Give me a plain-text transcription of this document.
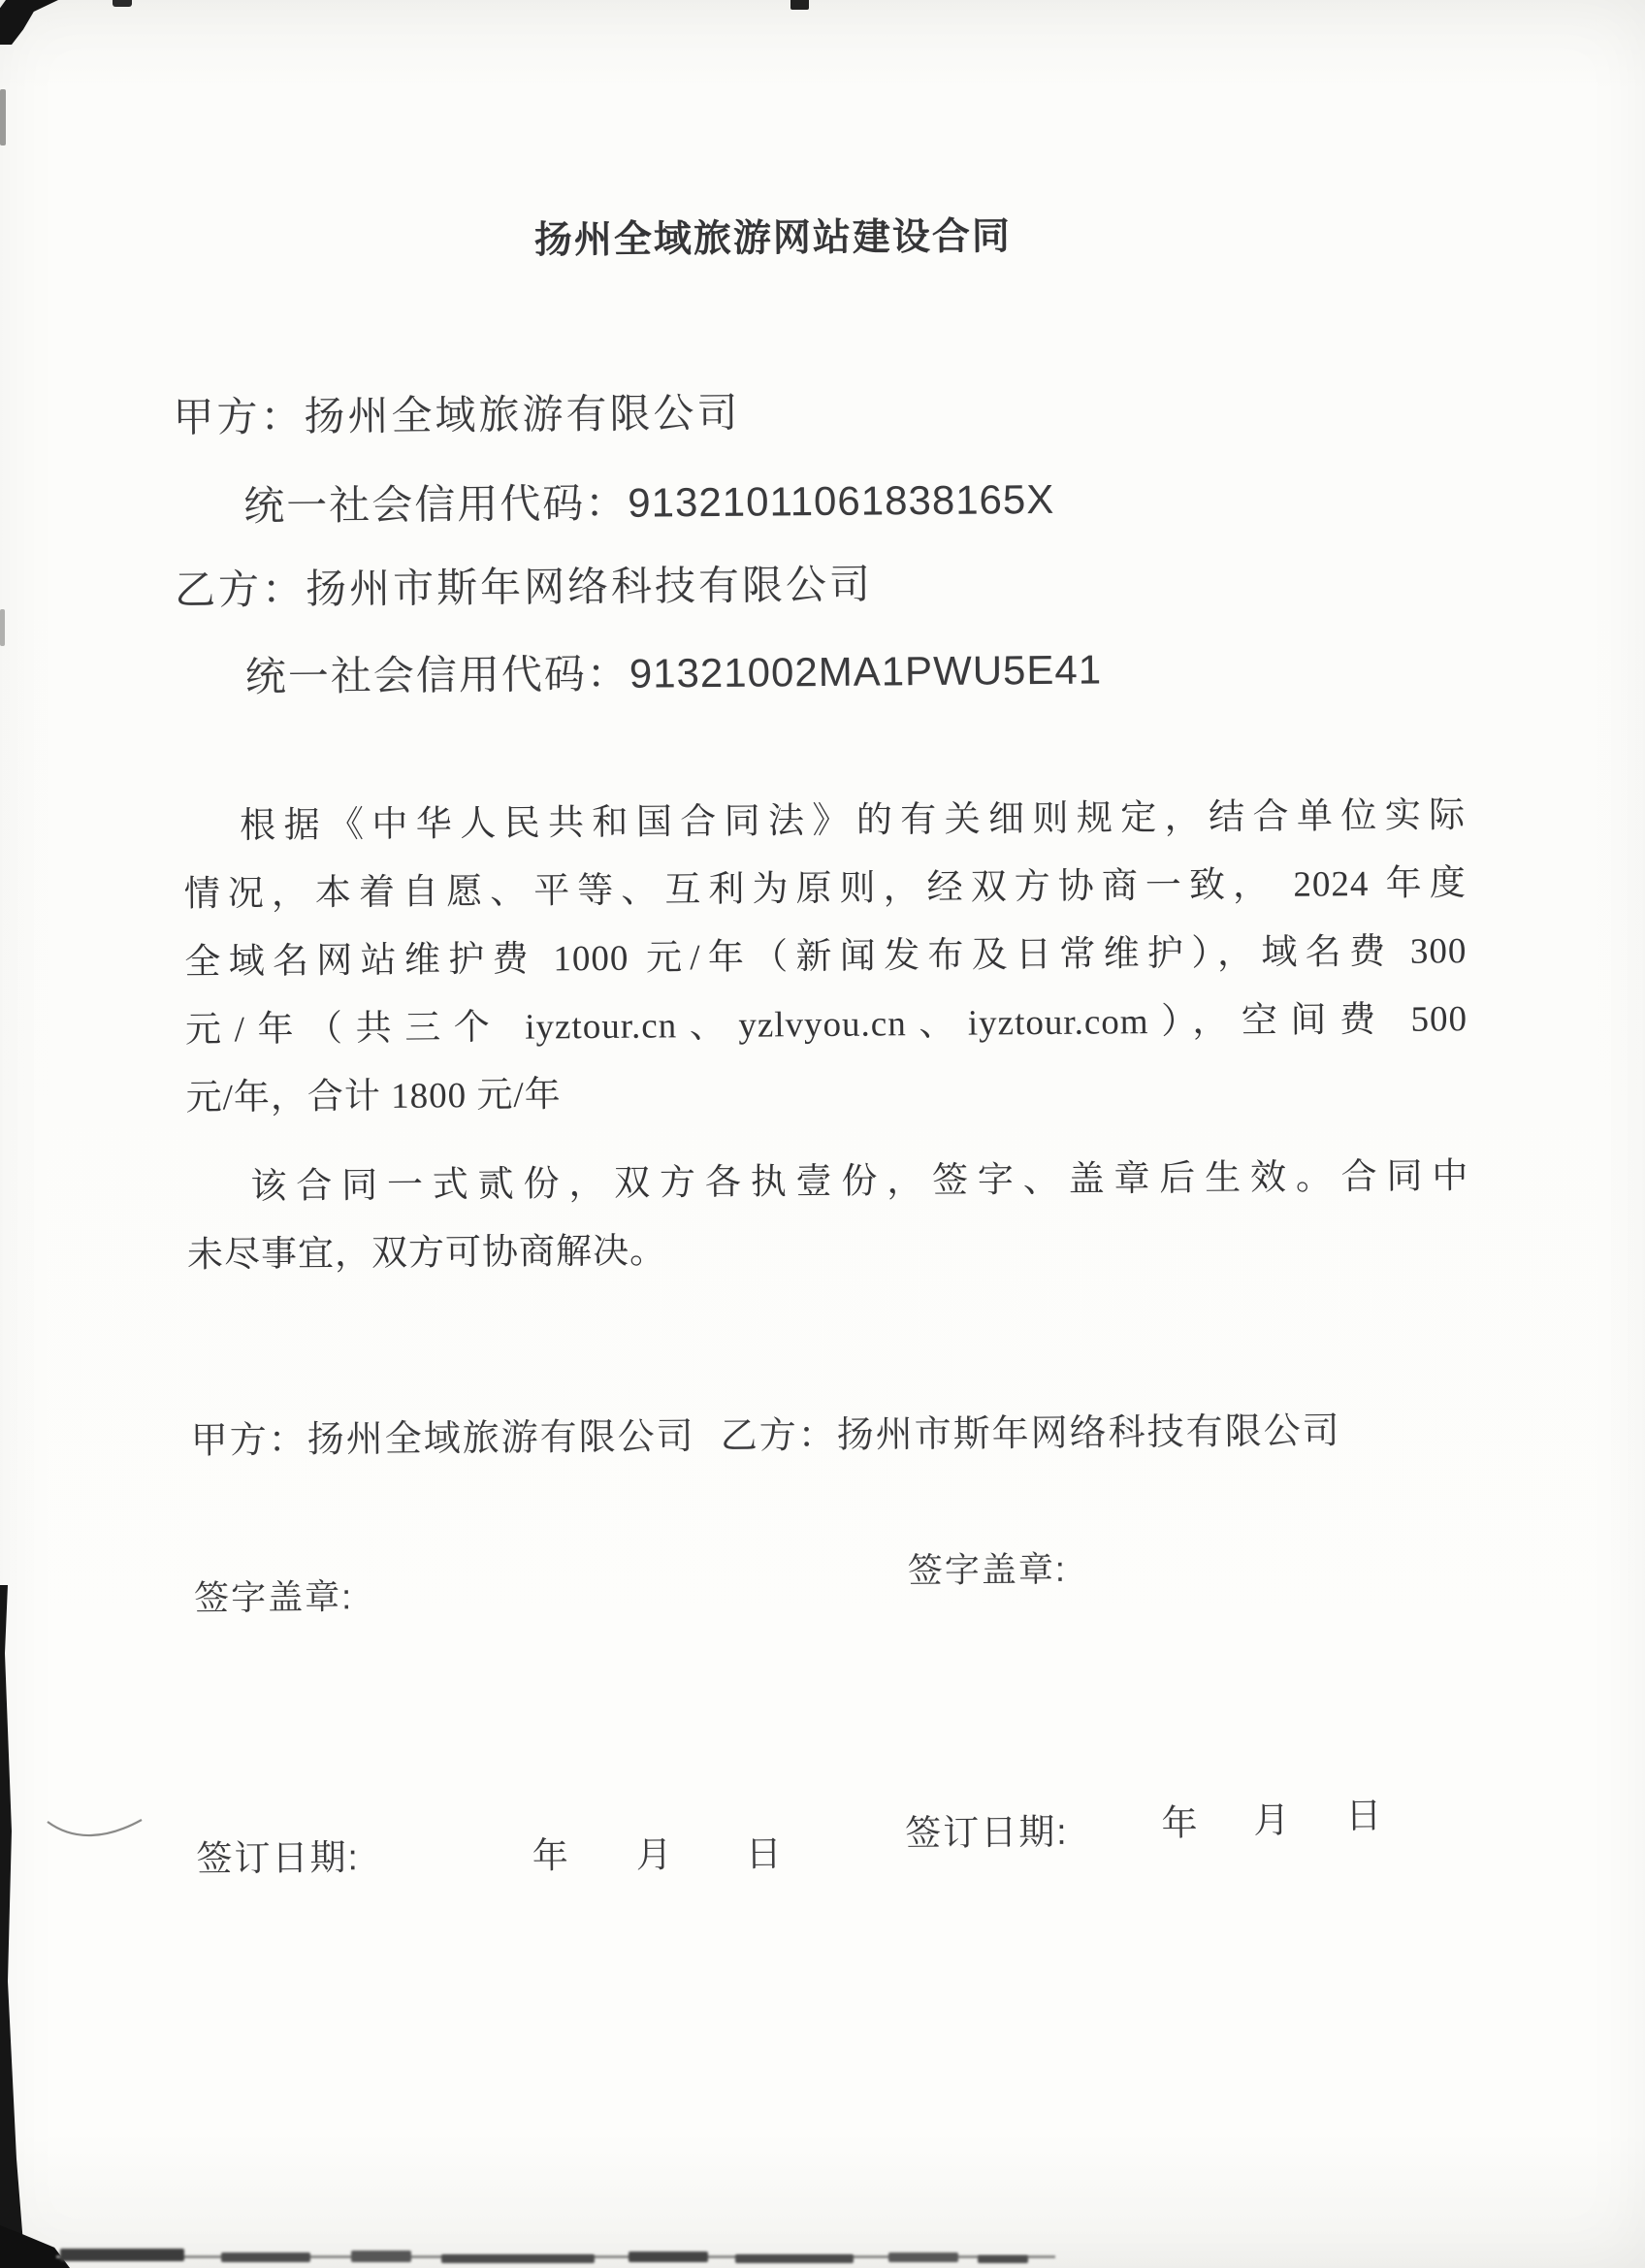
扬州全域旅游网站建设合同
甲方：扬州全域旅游有限公司
统一社会信用代码：91321011061838165X
乙方：扬州市斯年网络科技有限公司
统一社会信用代码：91321002MA1PWU5E41
根据《中华人民共和国合同法》的有关细则规定，结合单位实际
情况，本着自愿、平等、互利为原则，经双方协商一致， 2024 年度
全域名网站维护费 1000 元/年（新闻发布及日常维护），域名费 300
元/年（共三个 iyztour.cn、yzlvyou.cn、iyztour.com），空间费 500
元/年，合计 1800 元/年
该合同一式贰份，双方各执壹份，签字、盖章后生效。合同中
未尽事宜，双方可协商解决。
甲方：扬州全域旅游有限公司 乙方：扬州市斯年网络科技有限公司
签字盖章:
签字盖章:
签订日期:	年 月 日
签订日期:	年 月 日
